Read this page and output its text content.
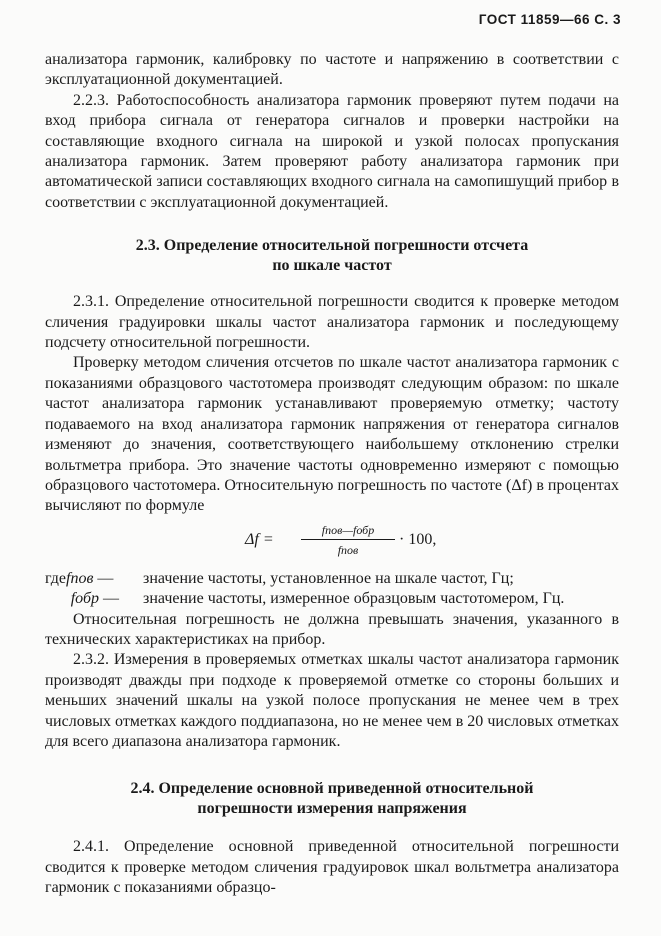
ГОСТ 11859—66 С. 3

анализатора гармоник, калибровку по частоте и напряжению в соответствии с эксплуатационной документацией.

2.2.3. Работоспособность анализатора гармоник проверяют путем подачи на вход прибора сигнала от генератора сигналов и проверки настройки на составляющие входного сигнала на широкой и узкой полосах пропускания анализатора гармоник. Затем проверяют работу анализатора гармоник при автоматической записи составляющих входного сигнала на самопишущий прибор в соответствии с эксплуатационной документацией.

2.3. Определение относительной погрешности отсчета
по шкале частот

2.3.1. Определение относительной погрешности сводится к проверке методом сличения градуировки шкалы частот анализатора гармоник и последующему подсчету относительной погрешности.

Проверку методом сличения отсчетов по шкале частот анализатора гармоник с показаниями образцового частотомера производят следующим образом: по шкале частот анализатора гармоник устанавливают проверяемую отметку; частоту подаваемого на вход анализатора гармоник напряжения от генератора сигналов изменяют до значения, соответствующего наибольшему отклонению стрелки вольтметра прибора. Это значение частоты одновременно измеряют с помощью образцового частотомера. Относительную погрешность по частоте (Δf) в процентах вычисляют по формуле

Δf =
fпов—fобр
fпов
· 100,
гдеfпов —	значение частоты, установленное на шкале частот, Гц;
fобр —	значение частоты, измеренное образцовым частотомером, Гц.

Относительная погрешность не должна превышать значения, указанного в технических характеристиках на прибор.

2.3.2. Измерения в проверяемых отметках шкалы частот анализатора гармоник производят дважды при подходе к проверяемой отметке со стороны больших и меньших значений шкалы на узкой полосе пропускания не менее чем в трех числовых отметках каждого поддиапазона, но не менее чем в 20 числовых отметках для всего диапазона анализатора гармоник.

2.4. Определение основной приведенной относительной
погрешности измерения напряжения

2.4.1. Определение основной приведенной относительной погрешности сводится к проверке методом сличения градуировок шкал вольтметра анализатора гармоник с показаниями образцо-
